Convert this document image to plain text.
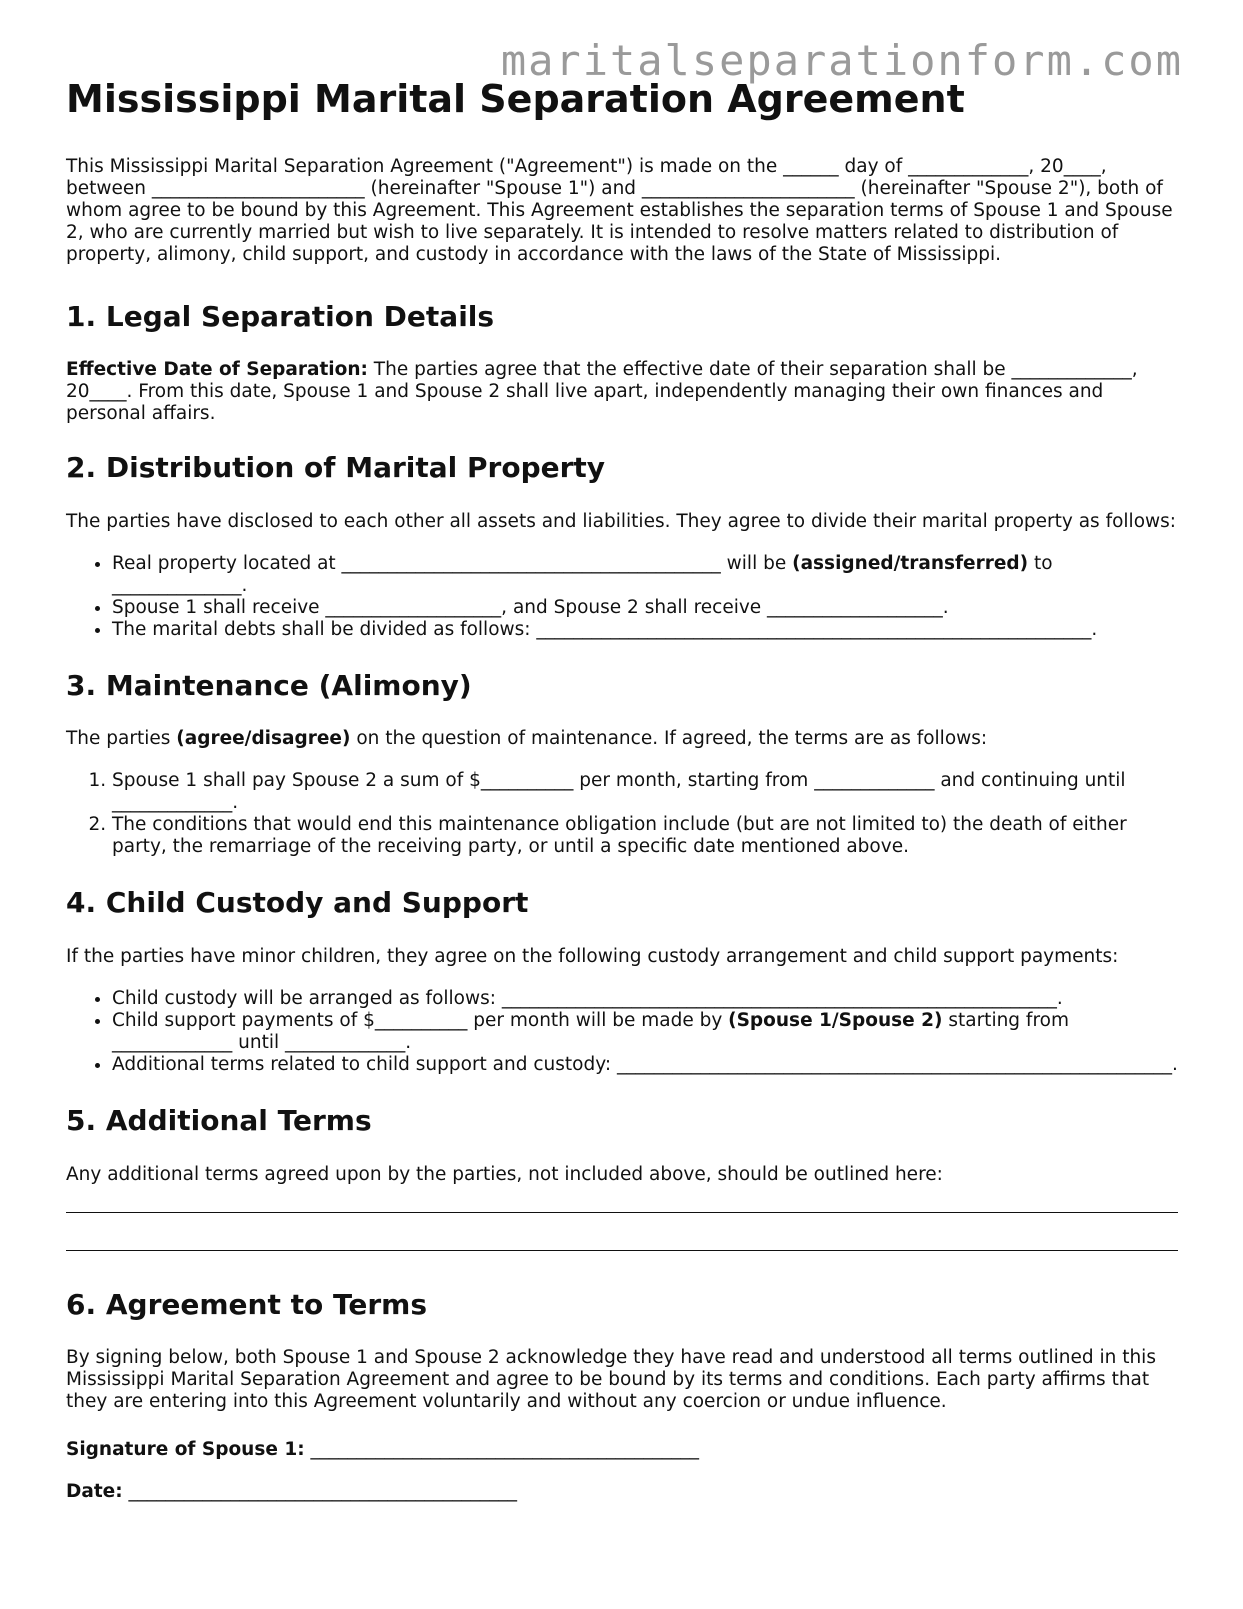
maritalseparationform.com
Mississippi Marital Separation Agreement

This Mississippi Marital Separation Agreement ("Agreement") is made on the ______ day of _____________, 20____, between _______________________ (hereinafter "Spouse 1") and _______________________ (hereinafter "Spouse 2"), both of whom agree to be bound by this Agreement. This Agreement establishes the separation terms of Spouse 1 and Spouse 2, who are currently married but wish to live separately. It is intended to resolve matters related to distribution of property, alimony, child support, and custody in accordance with the laws of the State of Mississippi.

1. Legal Separation Details

Effective Date of Separation: The parties agree that the effective date of their separation shall be _____________, 20____. From this date, Spouse 1 and Spouse 2 shall live apart, independently managing their own finances and personal affairs.

2. Distribution of Marital Property

The parties have disclosed to each other all assets and liabilities. They agree to divide their marital property as follows:

• Real property located at _________________________________________ will be (assigned/transferred) to ______________.
• Spouse 1 shall receive ___________________, and Spouse 2 shall receive ___________________.
• The marital debts shall be divided as follows: ____________________________________________________________.
3. Maintenance (Alimony)

The parties (agree/disagree) on the question of maintenance. If agreed, the terms are as follows:

1. Spouse 1 shall pay Spouse 2 a sum of $__________ per month, starting from _____________ and continuing until _____________.
2. The conditions that would end this maintenance obligation include (but are not limited to) the death of either party, the remarriage of the receiving party, or until a specific date mentioned above.
4. Child Custody and Support

If the parties have minor children, they agree on the following custody arrangement and child support payments:

• Child custody will be arranged as follows: ____________________________________________________________.
• Child support payments of $__________ per month will be made by (Spouse 1/Spouse 2) starting from _____________ until _____________.
• Additional terms related to child support and custody: ____________________________________________________________.
5. Additional Terms

Any additional terms agreed upon by the parties, not included above, should be outlined here:

6. Agreement to Terms

By signing below, both Spouse 1 and Spouse 2 acknowledge they have read and understood all terms outlined in this Mississippi Marital Separation Agreement and agree to be bound by its terms and conditions. Each party affirms that they are entering into this Agreement voluntarily and without any coercion or undue influence.

Signature of Spouse 1: __________________________________________

Date: __________________________________________
